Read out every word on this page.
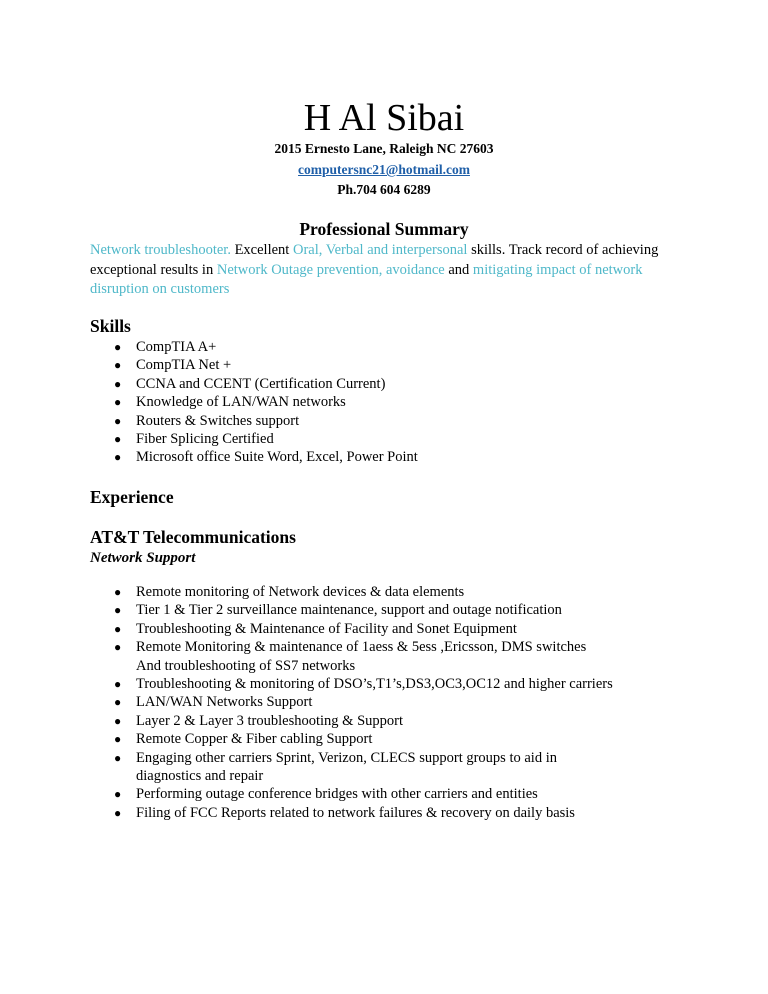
H Al Sibai
2015 Ernesto Lane, Raleigh NC 27603
computersnc21@hotmail.com
Ph.704 604 6289
Professional Summary
Network troubleshooter. Excellent Oral, Verbal and interpersonal skills. Track record of achieving exceptional results in Network Outage prevention, avoidance and mitigating impact of network disruption on customers
Skills
● CompTIA A+
● CompTIA Net +
● CCNA and CCENT (Certification Current)
● Knowledge of LAN/WAN networks
● Routers & Switches support
● Fiber Splicing Certified
● Microsoft office Suite Word, Excel, Power Point
Experience
AT&T Telecommunications
Network Support
● Remote monitoring of Network devices & data elements
● Tier 1 & Tier 2 surveillance maintenance, support and outage notification
● Troubleshooting & Maintenance of Facility and Sonet Equipment
● Remote Monitoring & maintenance of 1aess & 5ess ,Ericsson, DMS switches
And troubleshooting of SS7 networks
● Troubleshooting & monitoring of DSO’s,T1’s,DS3,OC3,OC12 and higher carriers
● LAN/WAN Networks Support
● Layer 2 & Layer 3 troubleshooting & Support
● Remote Copper & Fiber cabling Support
● Engaging other carriers Sprint, Verizon, CLECS support groups to aid in
diagnostics and repair
● Performing outage conference bridges with other carriers and entities
● Filing of FCC Reports related to network failures & recovery on daily basis
